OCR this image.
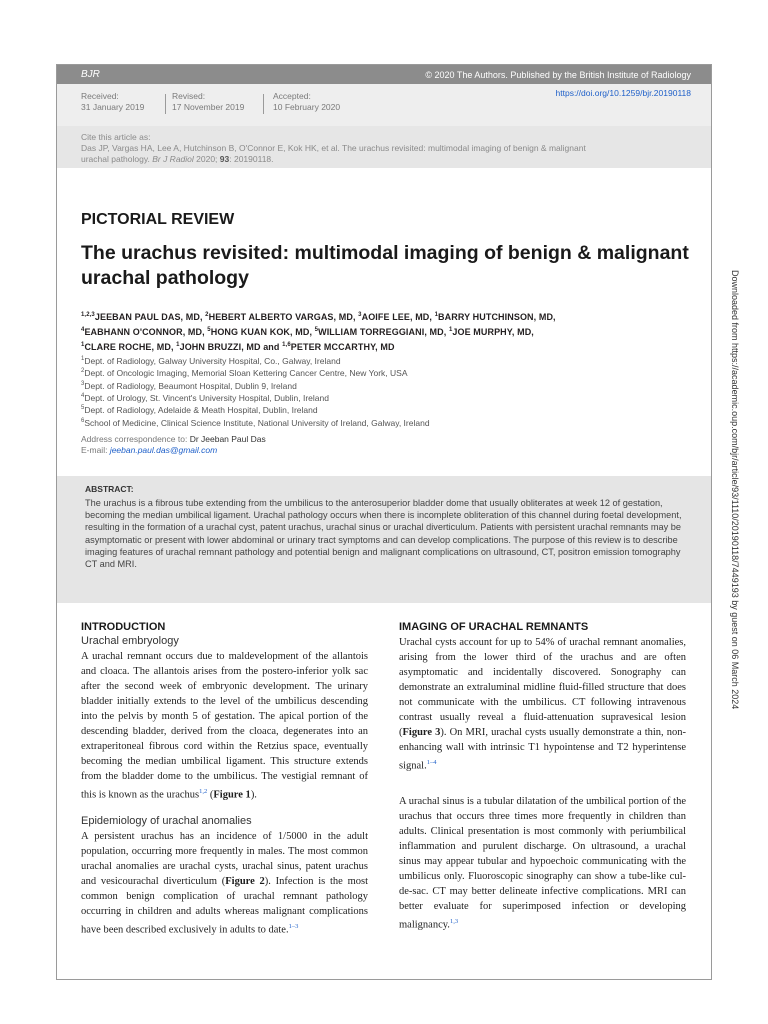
BJR	© 2020 The Authors. Published by the British Institute of Radiology
Received:
31 January 2019
Revised:
17 November 2019
Accepted:
10 February 2020
https://doi.org/10.1259/bjr.20190118
Cite this article as:
Das JP, Vargas HA, Lee A, Hutchinson B, O'Connor E, Kok HK, et al. The urachus revisited: multimodal imaging of benign & malignant
urachal pathology. Br J Radiol 2020; 93: 20190118.
PICTORIAL REVIEW
The urachus revisited: multimodal imaging of benign & malignant urachal pathology
$^{1,2,3}$JEEBAN PAUL DAS, MD, $^2$HEBERT ALBERTO VARGAS, MD, $^3$AOIFE LEE, MD, $^1$BARRY HUTCHINSON, MD,
$^4$EABHANN O'CONNOR, MD, $^5$HONG KUAN KOK, MD, $^5$WILLIAM TORREGGIANI, MD, $^1$JOE MURPHY, MD,
$^1$CLARE ROCHE, MD, $^1$JOHN BRUZZI, MD and $^{1,6}$PETER MCCARTHY, MD
$^1$Dept. of Radiology, Galway University Hospital, Co., Galway, Ireland
$^2$Dept. of Oncologic Imaging, Memorial Sloan Kettering Cancer Centre, New York, USA
$^3$Dept. of Radiology, Beaumont Hospital, Dublin 9, Ireland
$^4$Dept. of Urology, St. Vincent's University Hospital, Dublin, Ireland
$^5$Dept. of Radiology, Adelaide & Meath Hospital, Dublin, Ireland
$^6$School of Medicine, Clinical Science Institute, National University of Ireland, Galway, Ireland
Address correspondence to: Dr Jeeban Paul Das
E-mail: jeeban.paul.das@gmail.com
ABSTRACT:
The urachus is a fibrous tube extending from the umbilicus to the anterosuperior bladder dome that usually obliterates at week 12 of gestation, becoming the median umbilical ligament. Urachal pathology occurs when there is incomplete obliteration of this channel during foetal development, resulting in the formation of a urachal cyst, patent urachus, urachal sinus or urachal diverticulum. Patients with persistent urachal remnants may be asymptomatic or present with lower abdominal or urinary tract symptoms and can develop complications. The purpose of this review is to describe imaging features of urachal remnant pathology and potential benign and malignant complications on ultrasound, CT, positron emission tomography CT and MRI.
INTRODUCTION
Urachal embryology

A urachal remnant occurs due to maldevelopment of the allantois and cloaca. The allantois arises from the postero-inferior yolk sac after the second week of embryonic development. The urinary bladder initially extends to the level of the umbilicus descending into the pelvis by month 5 of gestation. The apical portion of the descending bladder, derived from the cloaca, degenerates into an extraperitoneal fibrous cord within the Retzius space, eventually becoming the median umbilical ligament. This structure extends from the bladder dome to the umbilicus. The vestigial remnant of this is known as the urachus$^{1,2}$ (Figure 1).

Epidemiology of urachal anomalies

A persistent urachus has an incidence of 1/5000 in the adult population, occurring more frequently in males. The most common urachal anomalies are urachal cysts, urachal sinus, patent urachus and vesicourachal diverticulum (Figure 2). Infection is the most common benign complication of urachal remnant pathology occurring in children and adults whereas malignant complications have been described exclusively in adults to date.$^{1-3}$

IMAGING OF URACHAL REMNANTS

Urachal cysts account for up to 54% of urachal remnant anomalies, arising from the lower third of the urachus and are often asymptomatic and incidentally discovered. Sonography can demonstrate an extraluminal midline fluid-filled structure that does not communicate with the umbilicus. CT following intravenous contrast usually reveal a fluid-attenuation supravesical lesion (Figure 3). On MRI, urachal cysts usually demonstrate a thin, non-enhancing wall with intrinsic T1 hypointense and T2 hyperintense signal.$^{1-4}$

A urachal sinus is a tubular dilatation of the umbilical portion of the urachus that occurs three times more frequently in children than adults. Clinical presentation is most commonly with periumbilical inflammation and purulent discharge. On ultrasound, a urachal sinus may appear tubular and hypoechoic communicating with the umbilicus only. Fluoroscopic sinography can show a tube-like cul-de-sac. CT may better delineate infective complications. MRI can better evaluate for superimposed infection or developing malignancy.$^{1,3}$

Downloaded from https://academic.oup.com/bjr/article/93/1110/20190118/7449193 by guest on 06 March 2024
